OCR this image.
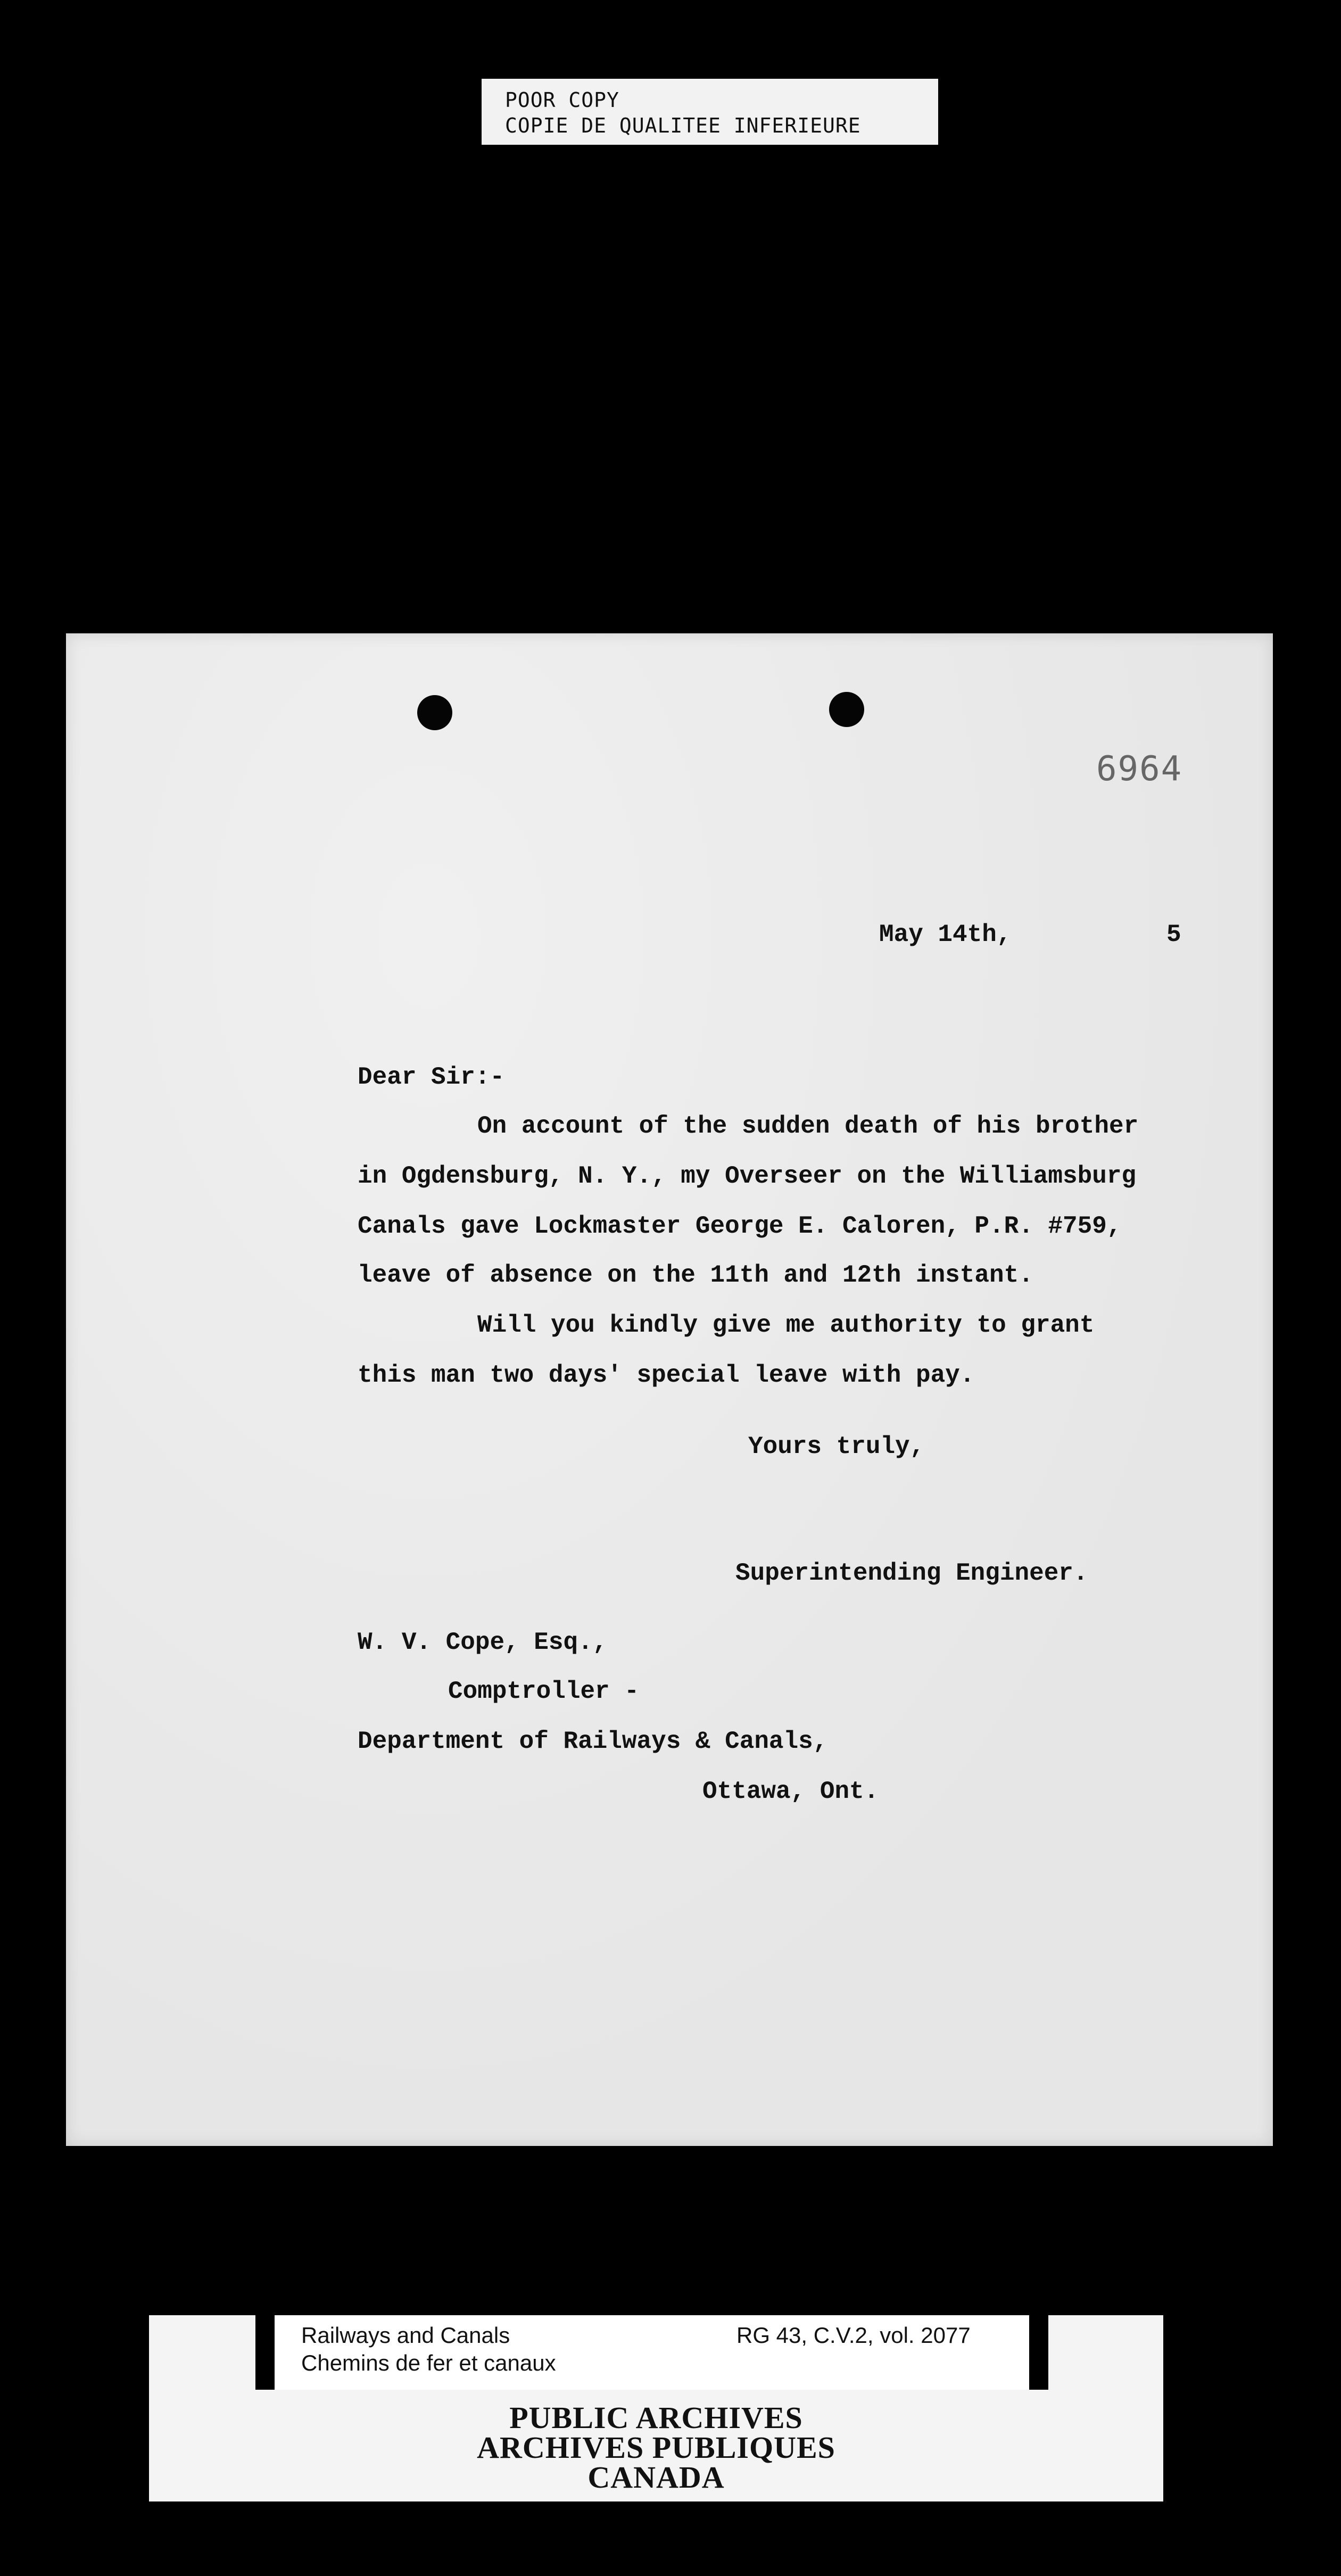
POOR COPY
COPIE DE QUALITEE INFERIEURE
6964
May 14th,	5
Dear Sir:-
On account of the sudden death of his brother
in Ogdensburg, N. Y., my Overseer on the Williamsburg
Canals gave Lockmaster George E. Caloren, P.R. #759,
leave of absence on the 11th and 12th instant.
Will you kindly give me authority to grant
this man two days' special leave with pay.
Yours truly,
Superintending Engineer.
W. V. Cope, Esq.,
Comptroller -
Department of Railways & Canals,
Ottawa, Ont.
Railways and Canals
Chemins de fer et canaux
RG 43, C.V.2, vol. 2077
PUBLIC ARCHIVES
ARCHIVES PUBLIQUES
CANADA
